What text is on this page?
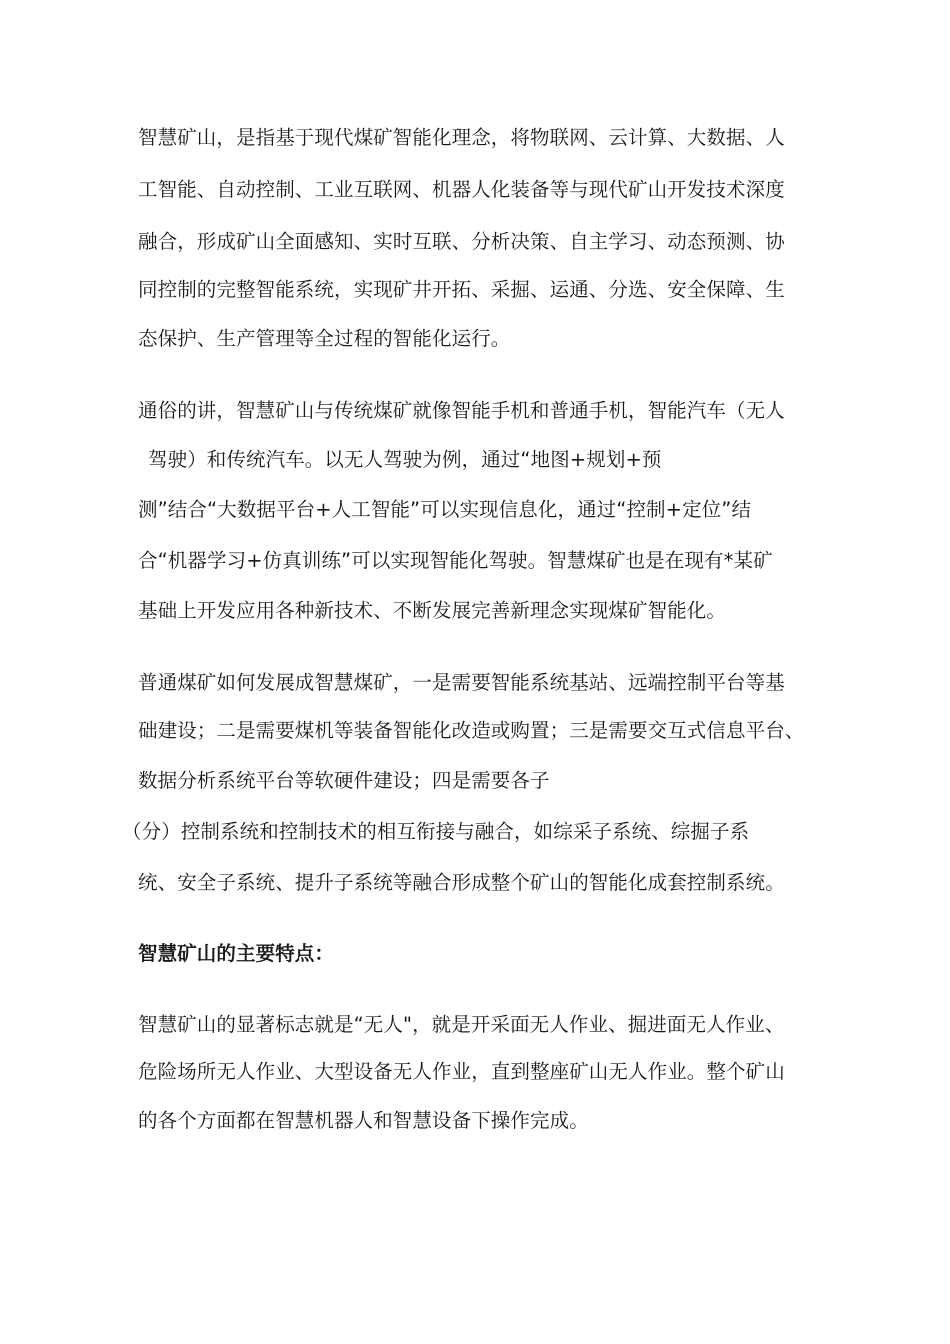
智慧矿山，是指基于现代煤矿智能化理念，将物联网、云计算、大数据、人
工智能、自动控制、工业互联网、机器人化装备等与现代矿山开发技术深度
融合，形成矿山全面感知、实时互联、分析决策、自主学习、动态预测、协
同控制的完整智能系统，实现矿井开拓、采掘、运通、分选、安全保障、生
态保护、生产管理等全过程的智能化运行。
通俗的讲，智慧矿山与传统煤矿就像智能手机和普通手机，智能汽车（无人
驾驶）和传统汽车。以无人驾驶为例，通过“地图+规划+预
测”结合“大数据平台+人工智能”可以实现信息化，通过“控制+定位”结
合“机器学习+仿真训练”可以实现智能化驾驶。智慧煤矿也是在现有*某矿
基础上开发应用各种新技术、不断发展完善新理念实现煤矿智能化。
普通煤矿如何发展成智慧煤矿，一是需要智能系统基站、远端控制平台等基
础建设；二是需要煤机等装备智能化改造或购置；三是需要交互式信息平台、
数据分析系统平台等软硬件建设；四是需要各子
（分）控制系统和控制技术的相互衔接与融合，如综采子系统、综掘子系
统、安全子系统、提升子系统等融合形成整个矿山的智能化成套控制系统。
智慧矿山的主要特点：
智慧矿山的显著标志就是“无人"，就是开采面无人作业、掘进面无人作业、
危险场所无人作业、大型设备无人作业，直到整座矿山无人作业。整个矿山
的各个方面都在智慧机器人和智慧设备下操作完成。
